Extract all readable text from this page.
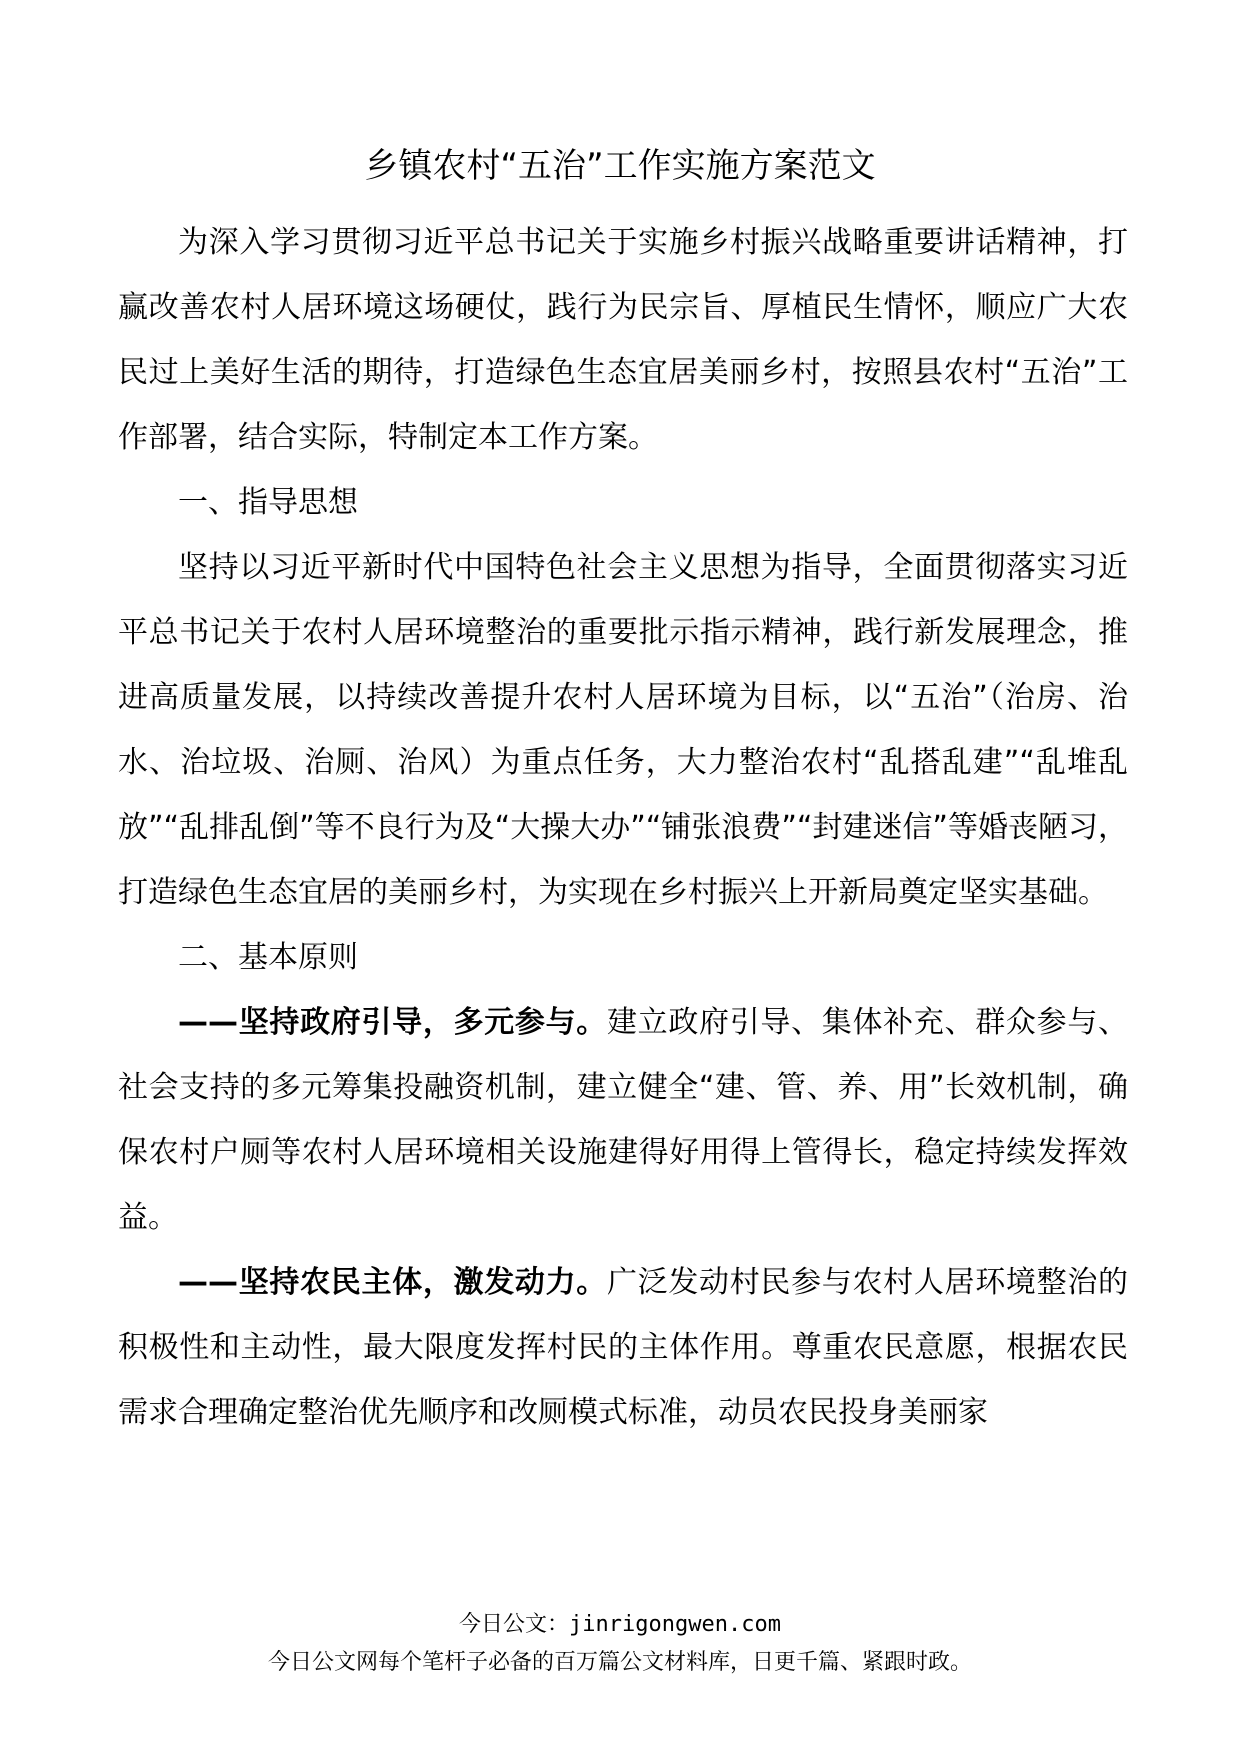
乡镇农村“五治”工作实施方案范文

为深入学习贯彻习近平总书记关于实施乡村振兴战略重要讲话精神，打赢改善农村人居环境这场硬仗，践行为民宗旨、厚植民生情怀，顺应广大农民过上美好生活的期待，打造绿色生态宜居美丽乡村，按照县农村“五治”工作部署，结合实际，特制定本工作方案。

一、指导思想

坚持以习近平新时代中国特色社会主义思想为指导，全面贯彻落实习近平总书记关于农村人居环境整治的重要批示指示精神，践行新发展理念，推进高质量发展，以持续改善提升农村人居环境为目标，以“五治”（治房、治水、治垃圾、治厕、治风）为重点任务，大力整治农村“乱搭乱建”“乱堆乱放”“乱排乱倒”等不良行为及“大操大办”“铺张浪费”“封建迷信”等婚丧陋习，打造绿色生态宜居的美丽乡村，为实现在乡村振兴上开新局奠定坚实基础。

二、基本原则

——坚持政府引导，多元参与。建立政府引导、集体补充、群众参与、社会支持的多元筹集投融资机制，建立健全“建、管、养、用”长效机制，确保农村户厕等农村人居环境相关设施建得好用得上管得长，稳定持续发挥效益。

——坚持农民主体，激发动力。广泛发动村民参与农村人居环境整治的积极性和主动性，最大限度发挥村民的主体作用。尊重农民意愿，根据农民需求合理确定整治优先顺序和改厕模式标准，动员农民投身美丽家

今日公文：jinrigongwen.com
今日公文网每个笔杆子必备的百万篇公文材料库，日更千篇、紧跟时政。
